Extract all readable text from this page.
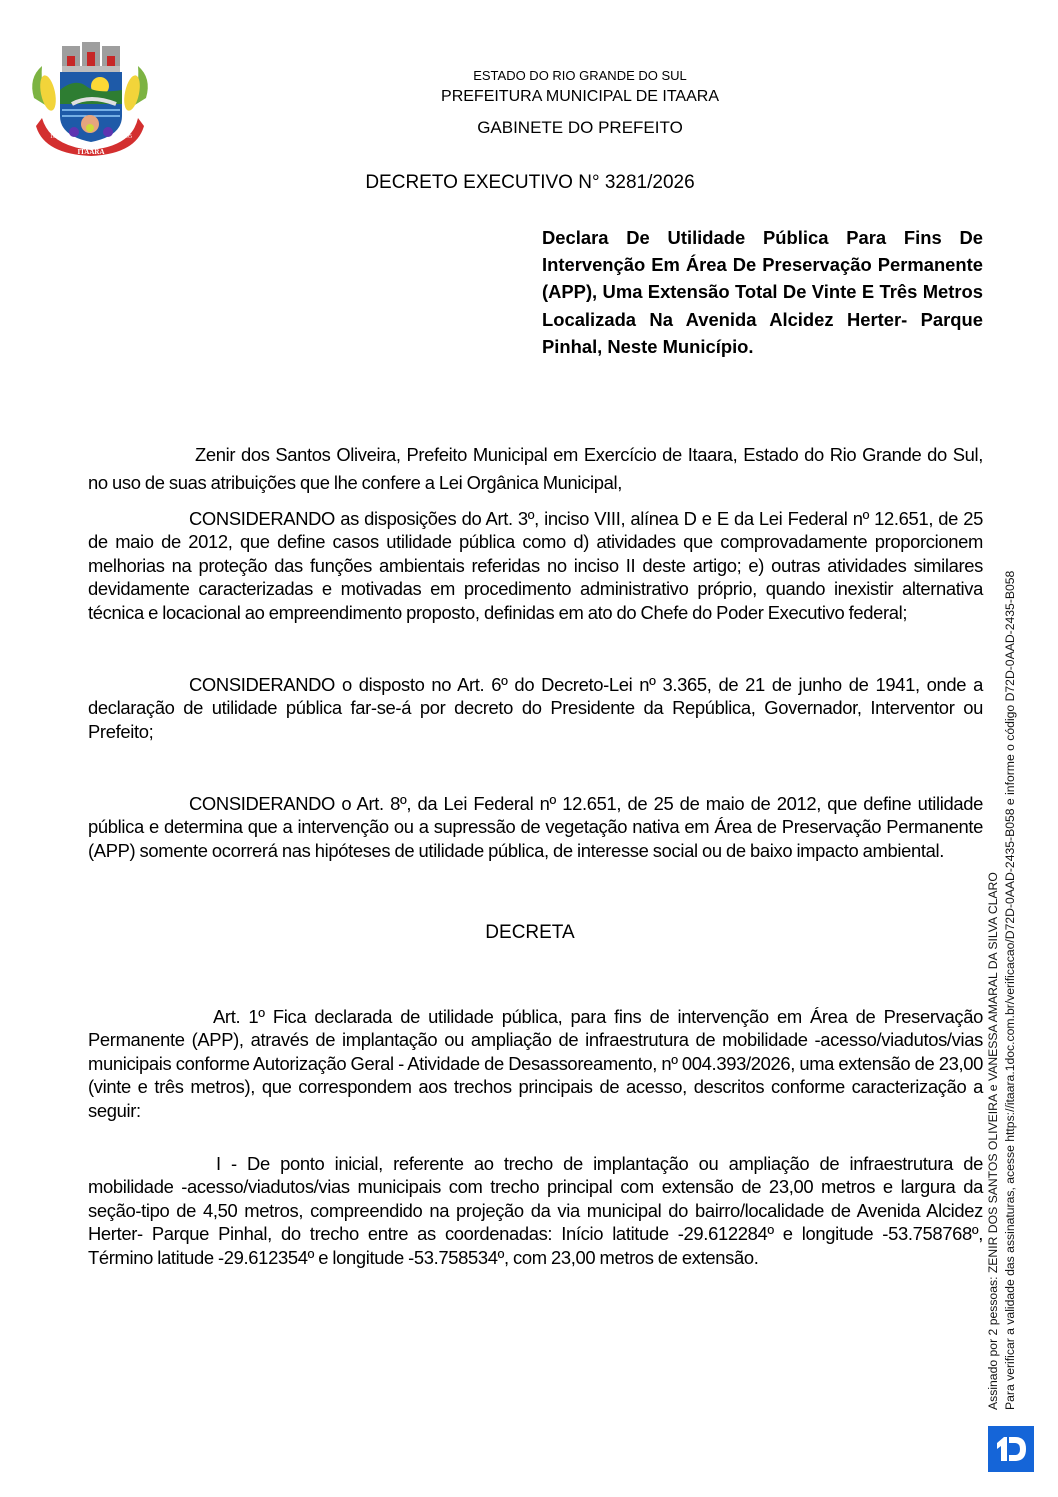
ITAARA
1857	1995
ESTADO DO RIO GRANDE DO SUL
PREFEITURA MUNICIPAL DE ITAARA
GABINETE DO PREFEITO
DECRETO EXECUTIVO N° 3281/2026
Declara De Utilidade Pública Para Fins De Intervenção Em Área De Preservação Permanente (APP), Uma Extensão Total De Vinte E Três Metros Localizada Na Avenida Alcidez Herter- Parque Pinhal, Neste Município.
Zenir dos Santos Oliveira, Prefeito Municipal em Exercício de Itaara, Estado do Rio Grande do Sul, no uso de suas atribuições que lhe confere a Lei Orgânica Municipal,
CONSIDERANDO as disposições do Art. 3º, inciso VIII, alínea D e E da Lei Federal nº 12.651, de 25 de maio de 2012, que define casos utilidade pública como d) atividades que comprovadamente proporcionem melhorias na proteção das funções ambientais referidas no inciso II deste artigo; e) outras atividades similares devidamente caracterizadas e motivadas em procedimento administrativo próprio, quando inexistir alternativa técnica e locacional ao empreendimento proposto, definidas em ato do Chefe do Poder Executivo federal;
CONSIDERANDO o disposto no Art. 6º do Decreto-Lei nº 3.365, de 21 de junho de 1941, onde a declaração de utilidade pública far-se-á por decreto do Presidente da República, Governador, Interventor ou Prefeito;
CONSIDERANDO o Art. 8º, da Lei Federal nº 12.651, de 25 de maio de 2012, que define utilidade pública e determina que a intervenção ou a supressão de vegetação nativa em Área de Preservação Permanente (APP) somente ocorrerá nas hipóteses de utilidade pública, de interesse social ou de baixo impacto ambiental.
DECRETA
Art. 1º Fica declarada de utilidade pública, para fins de intervenção em Área de Preservação Permanente (APP), através de implantação ou ampliação de infraestrutura de mobilidade -acesso/viadutos/vias municipais conforme Autorização Geral - Atividade de Desassoreamento, nº 004.393/2026, uma extensão de 23,00 (vinte e três metros), que correspondem aos trechos principais de acesso, descritos conforme caracterização a seguir:
I - De ponto inicial, referente ao trecho de implantação ou ampliação de infraestrutura de mobilidade -acesso/viadutos/vias municipais com trecho principal com extensão de 23,00 metros e largura da seção-tipo de 4,50 metros, compreendido na projeção da via municipal do bairro/localidade de Avenida Alcidez Herter- Parque Pinhal, do trecho entre as coordenadas: Início latitude -29.612284º e longitude -53.758768º, Término latitude -29.612354º e longitude -53.758534º, com 23,00 metros de extensão.	Assinado por 2 pessoas: ZENIR DOS SANTOS OLIVEIRA e VANESSA AMARAL DA SILVA CLARO Para verificar a validade das assinaturas, acesse https://itaara.1doc.com.br/verificacao/D72D-0AAD-2435-B058 e informe o código D72D-0AAD-2435-B058
